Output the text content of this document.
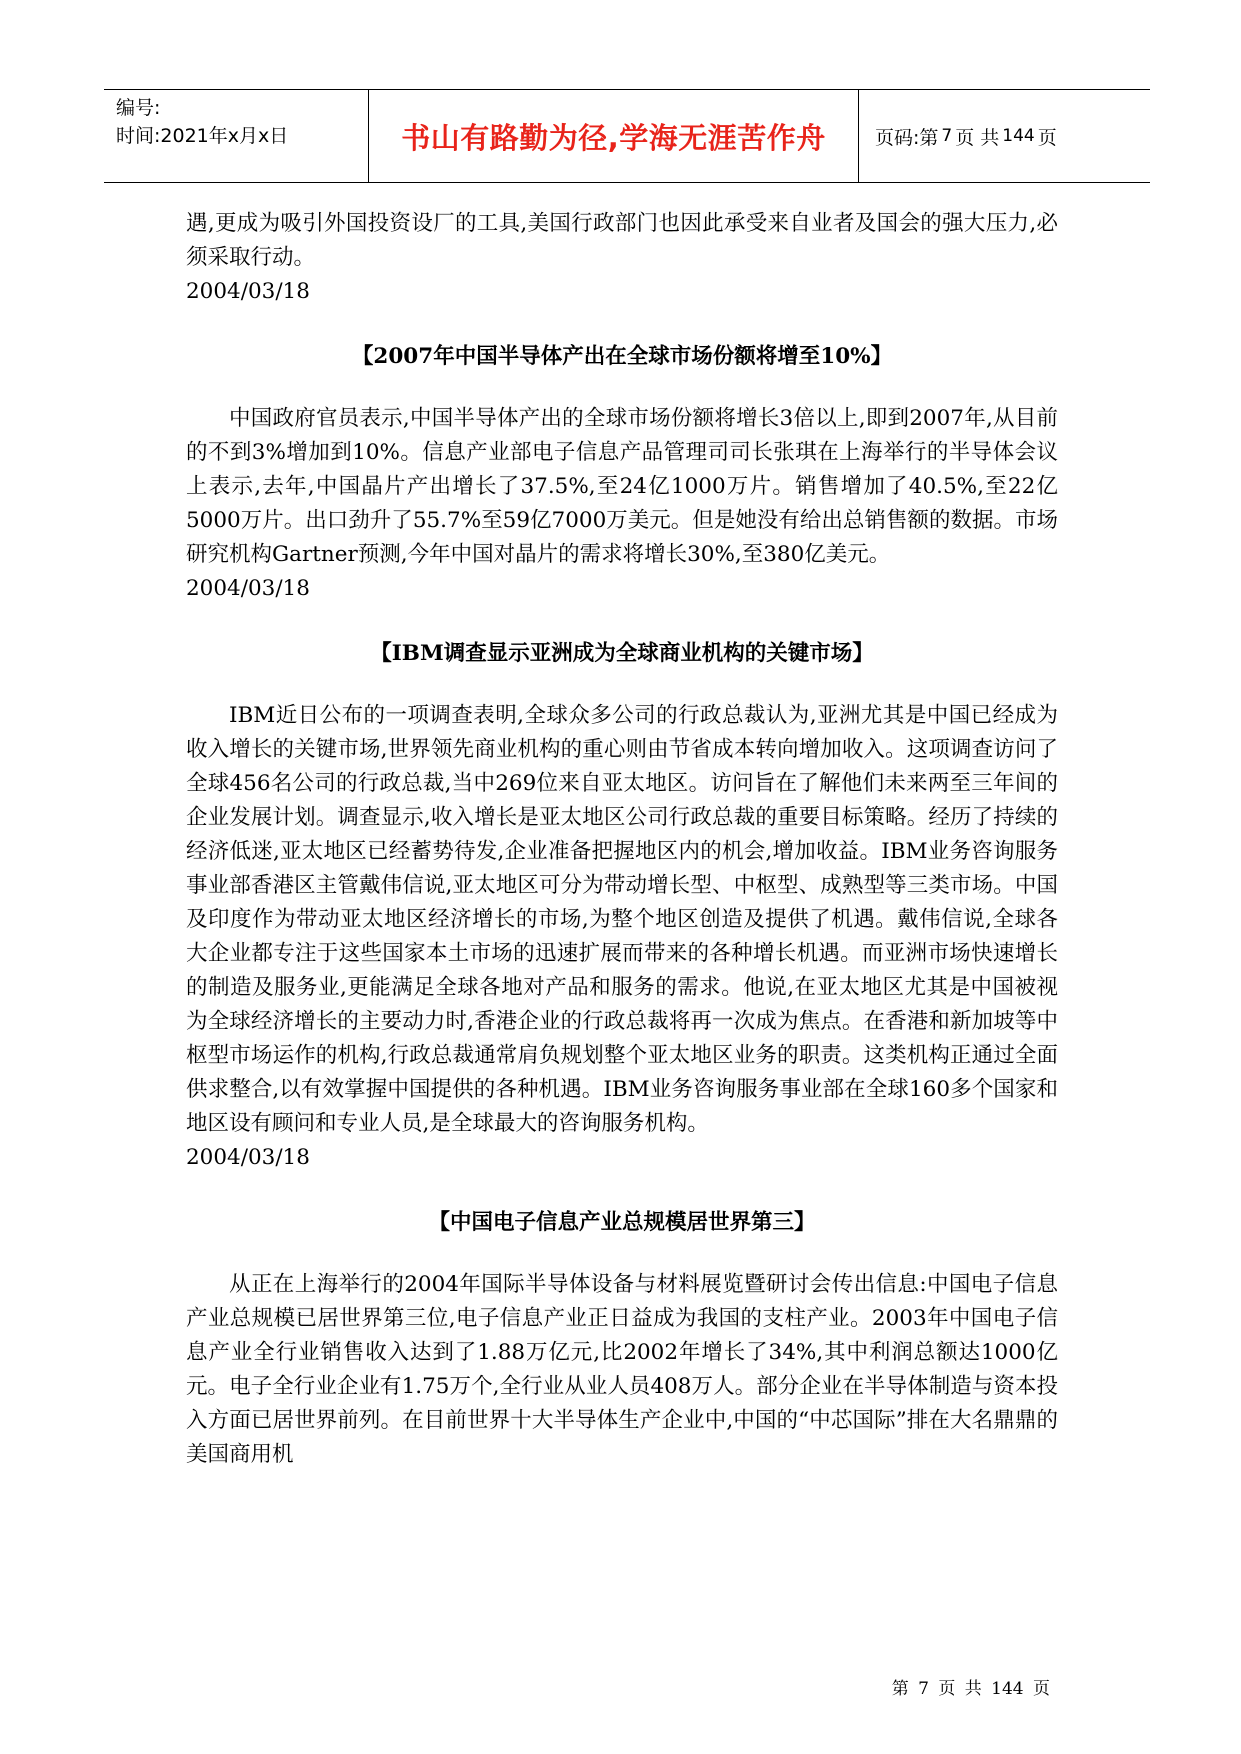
编号:
时间:2021年x月x日	书山有路勤为径,学海无涯苦作舟	页码:第 7 页 共 144 页

遇,更成为吸引外国投资设厂的工具,美国行政部门也因此承受来自业者及国会的强大压力,必须采取行动。

2004/03/18

【2007年中国半导体产出在全球市场份额将增至10%】

中国政府官员表示,中国半导体产出的全球市场份额将增长3倍以上,即到2007年,从目前的不到3%增加到10%。信息产业部电子信息产品管理司司长张琪在上海举行的半导体会议上表示,去年,中国晶片产出增长了37.5%,至24亿1000万片。销售增加了40.5%,至22亿5000万片。出口劲升了55.7%至59亿7000万美元。但是她没有给出总销售额的数据。市场研究机构Gartner预测,今年中国对晶片的需求将增长30%,至380亿美元。

2004/03/18

【IBM调查显示亚洲成为全球商业机构的关键市场】

IBM近日公布的一项调查表明,全球众多公司的行政总裁认为,亚洲尤其是中国已经成为收入增长的关键市场,世界领先商业机构的重心则由节省成本转向增加收入。这项调查访问了全球456名公司的行政总裁,当中269位来自亚太地区。访问旨在了解他们未来两至三年间的企业发展计划。调查显示,收入增长是亚太地区公司行政总裁的重要目标策略。经历了持续的经济低迷,亚太地区已经蓄势待发,企业准备把握地区内的机会,增加收益。IBM业务咨询服务事业部香港区主管戴伟信说,亚太地区可分为带动增长型、中枢型、成熟型等三类市场。中国及印度作为带动亚太地区经济增长的市场,为整个地区创造及提供了机遇。戴伟信说,全球各大企业都专注于这些国家本土市场的迅速扩展而带来的各种增长机遇。而亚洲市场快速增长的制造及服务业,更能满足全球各地对产品和服务的需求。他说,在亚太地区尤其是中国被视为全球经济增长的主要动力时,香港企业的行政总裁将再一次成为焦点。在香港和新加坡等中枢型市场运作的机构,行政总裁通常肩负规划整个亚太地区业务的职责。这类机构正通过全面供求整合,以有效掌握中国提供的各种机遇。IBM业务咨询服务事业部在全球160多个国家和地区设有顾问和专业人员,是全球最大的咨询服务机构。

2004/03/18

【中国电子信息产业总规模居世界第三】

从正在上海举行的2004年国际半导体设备与材料展览暨研讨会传出信息:中国电子信息产业总规模已居世界第三位,电子信息产业正日益成为我国的支柱产业。2003年中国电子信息产业全行业销售收入达到了1.88万亿元,比2002年增长了34%,其中利润总额达1000亿元。电子全行业企业有1.75万个,全行业从业人员408万人。部分企业在半导体制造与资本投入方面已居世界前列。在目前世界十大半导体生产企业中,中国的“中芯国际”排在大名鼎鼎的美国商用机

第 7 页 共 144 页
